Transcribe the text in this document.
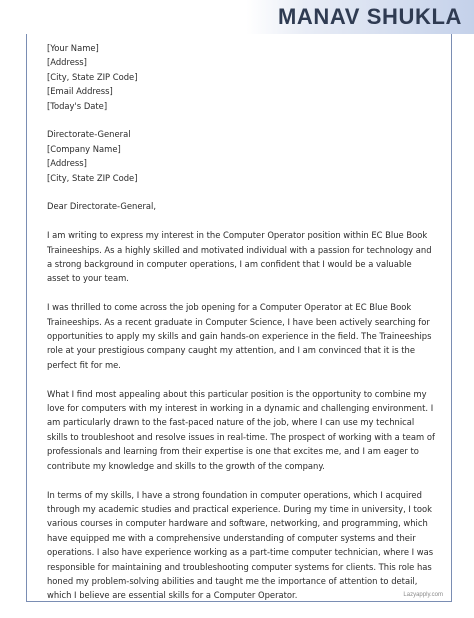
[Your Name]
[Address]
[City, State ZIP Code]
[Email Address]
[Today's Date]
Directorate-General
[Company Name]
[Address]
[City, State ZIP Code]

Dear Directorate-General,

I am writing to express my interest in the Computer Operator position within EC Blue Book Traineeships. As a highly skilled and motivated individual with a passion for technology and a strong background in computer operations, I am confident that I would be a valuable asset to your team.

I was thrilled to come across the job opening for a Computer Operator at EC Blue Book Traineeships. As a recent graduate in Computer Science, I have been actively searching for opportunities to apply my skills and gain hands-on experience in the field. The Traineeships role at your prestigious company caught my attention, and I am convinced that it is the perfect fit for me.

What I find most appealing about this particular position is the opportunity to combine my love for computers with my interest in working in a dynamic and challenging environment. I am particularly drawn to the fast-paced nature of the job, where I can use my technical skills to troubleshoot and resolve issues in real-time. The prospect of working with a team of professionals and learning from their expertise is one that excites me, and I am eager to contribute my knowledge and skills to the growth of the company.

In terms of my skills, I have a strong foundation in computer operations, which I acquired through my academic studies and practical experience. During my time in university, I took various courses in computer hardware and software, networking, and programming, which have equipped me with a comprehensive understanding of computer systems and their operations. I also have experience working as a part-time computer technician, where I was responsible for maintaining and troubleshooting computer systems for clients. This role has honed my problem-solving abilities and taught me the importance of attention to detail, which I believe are essential skills for a Computer Operator.	Lazyapply.com
MANAV SHUKLA
